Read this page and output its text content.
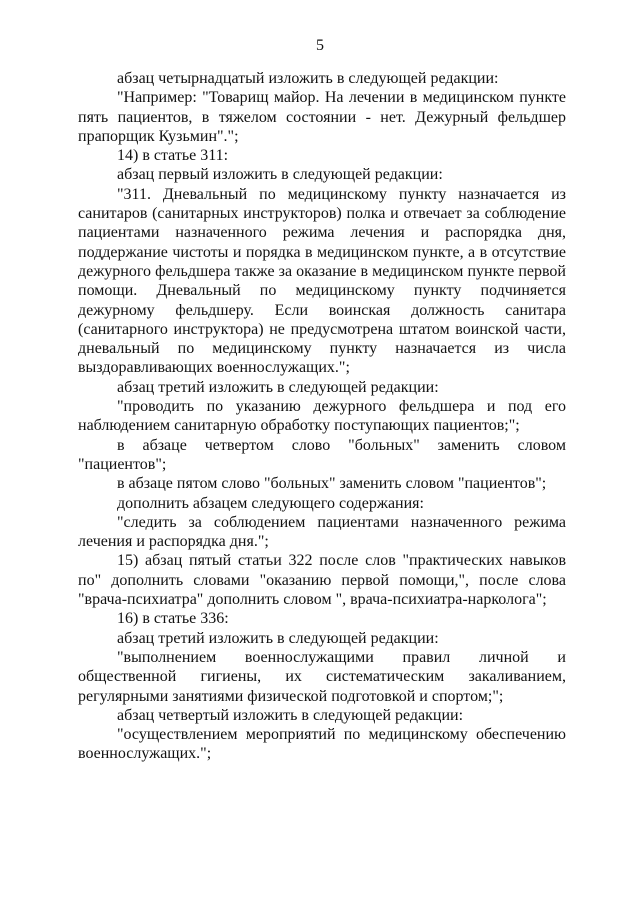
5

абзац четырнадцатый изложить в следующей редакции:

"Например: "Товарищ майор. На лечении в медицинском пункте пять пациентов, в тяжелом состоянии - нет. Дежурный фельдшер прапорщик Кузьмин".";

14) в статье 311:

абзац первый изложить в следующей редакции:

"311. Дневальный по медицинскому пункту назначается из санитаров (санитарных инструкторов) полка и отвечает за соблюдение пациентами назначенного режима лечения и распорядка дня, поддержание чистоты и порядка в медицинском пункте, а в отсутствие дежурного фельдшера также за оказание в медицинском пункте первой помощи. Дневальный по медицинскому пункту подчиняется дежурному фельдшеру. Если воинская должность санитара (санитарного инструктора) не предусмотрена штатом воинской части, дневальный по медицинскому пункту назначается из числа выздоравливающих военнослужащих.";

абзац третий изложить в следующей редакции:

"проводить по указанию дежурного фельдшера и под его наблюдением санитарную обработку поступающих пациентов;";

в абзаце четвертом слово "больных" заменить словом "пациентов";

в абзаце пятом слово "больных" заменить словом "пациентов";

дополнить абзацем следующего содержания:

"следить за соблюдением пациентами назначенного режима лечения и распорядка дня.";

15) абзац пятый статьи 322 после слов "практических навыков по" дополнить словами "оказанию первой помощи,", после слова "врача-психиатра" дополнить словом ", врача-психиатра-нарколога";

16) в статье 336:

абзац третий изложить в следующей редакции:

"выполнением военнослужащими правил личной и общественной гигиены, их систематическим закаливанием, регулярными занятиями физической подготовкой и спортом;";

абзац четвертый изложить в следующей редакции:

"осуществлением мероприятий по медицинскому обеспечению военнослужащих.";
